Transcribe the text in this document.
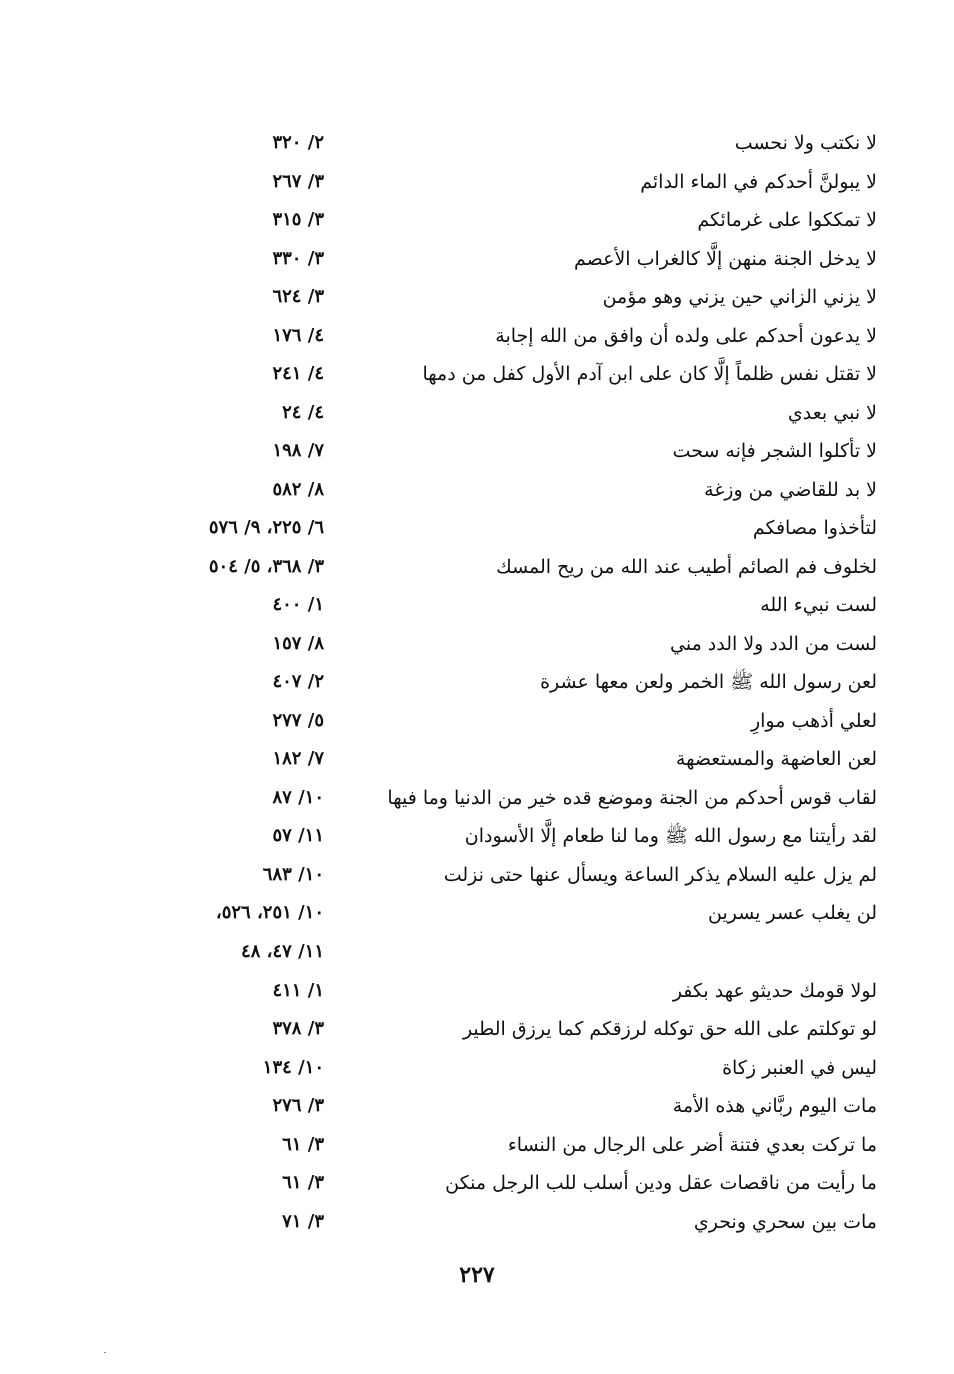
لا نكتب ولا نحسب
٢/ ٣٢٠
لا يبولنَّ أحدكم في الماء الدائم
٣/ ٢٦٧
لا تمككوا على غرمائكم
٣/ ٣١٥
لا يدخل الجنة منهن إلَّا كالغراب الأعصم
٣/ ٣٣٠
لا يزني الزاني حين يزني وهو مؤمن
٣/ ٦٢٤
لا يدعون أحدكم على ولده أن وافق من الله إجابة
٤/ ١٧٦
لا تقتل نفس ظلماً إلَّا كان على ابن آدم الأول كفل من دمها
٤/ ٢٤١
لا نبي بعدي
٤/ ٢٤
لا تأكلوا الشجر فإنه سحت
٧/ ١٩٨
لا بد للقاضي من وزغة
٨/ ٥٨٢
لتأخذوا مصافكم
٦/ ٢٢٥، ٩/ ٥٧٦
لخلوف فم الصائم أطيب عند الله من ريح المسك
٣/ ٣٦٨، ٥/ ٥٠٤
لست نبيء الله
١/ ٤٠٠
لست من الدد ولا الدد مني
٨/ ١٥٧
لعن رسول الله ﷺ الخمر ولعن معها عشرة
٢/ ٤٠٧
لعلي أذهب موارِ
٥/ ٢٧٧
لعن العاضهة والمستعضهة
٧/ ١٨٢
لقاب قوس أحدكم من الجنة وموضع قده خير من الدنيا وما فيها
١٠/ ٨٧
لقد رأيتنا مع رسول الله ﷺ وما لنا طعام إلَّا الأسودان
١١/ ٥٧
لم يزل عليه السلام يذكر الساعة ويسأل عنها حتى نزلت
١٠/ ٦٨٣
لن يغلب عسر يسرين
١٠/ ٢٥١، ٥٢٦،
١١/ ٤٧، ٤٨
لولا قومك حديثو عهد بكفر
١/ ٤١١
لو توكلتم على الله حق توكله لرزقكم كما يرزق الطير
٣/ ٣٧٨
ليس في العنبر زكاة
١٠/ ١٣٤
مات اليوم ربَّاني هذه الأمة
٣/ ٢٧٦
ما تركت بعدي فتنة أضر على الرجال من النساء
٣/ ٦١
ما رأيت من ناقصات عقل ودين أسلب للب الرجل منكن
٣/ ٦١
مات بين سحري ونحري
٣/ ٧١
٢٢٧
